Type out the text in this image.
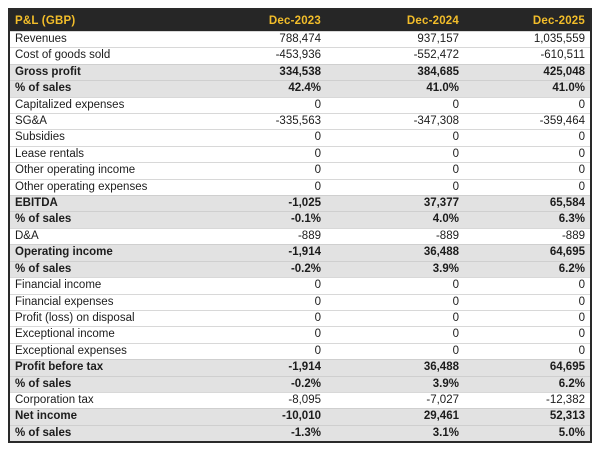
P&L (GBP)	Dec-2023	Dec-2024	Dec-2025
Revenues	788,474	937,157	1,035,559
Cost of goods sold	-453,936	-552,472	-610,511
Gross profit	334,538	384,685	425,048
% of sales	42.4%	41.0%	41.0%
Capitalized expenses	0	0	0
SG&A	-335,563	-347,308	-359,464
Subsidies	0	0	0
Lease rentals	0	0	0
Other operating income	0	0	0
Other operating expenses	0	0	0
EBITDA	-1,025	37,377	65,584
% of sales	-0.1%	4.0%	6.3%
D&A	-889	-889	-889
Operating income	-1,914	36,488	64,695
% of sales	-0.2%	3.9%	6.2%
Financial income	0	0	0
Financial expenses	0	0	0
Profit (loss) on disposal	0	0	0
Exceptional income	0	0	0
Exceptional expenses	0	0	0
Profit before tax	-1,914	36,488	64,695
% of sales	-0.2%	3.9%	6.2%
Corporation tax	-8,095	-7,027	-12,382
Net income	-10,010	29,461	52,313
% of sales	-1.3%	3.1%	5.0%
